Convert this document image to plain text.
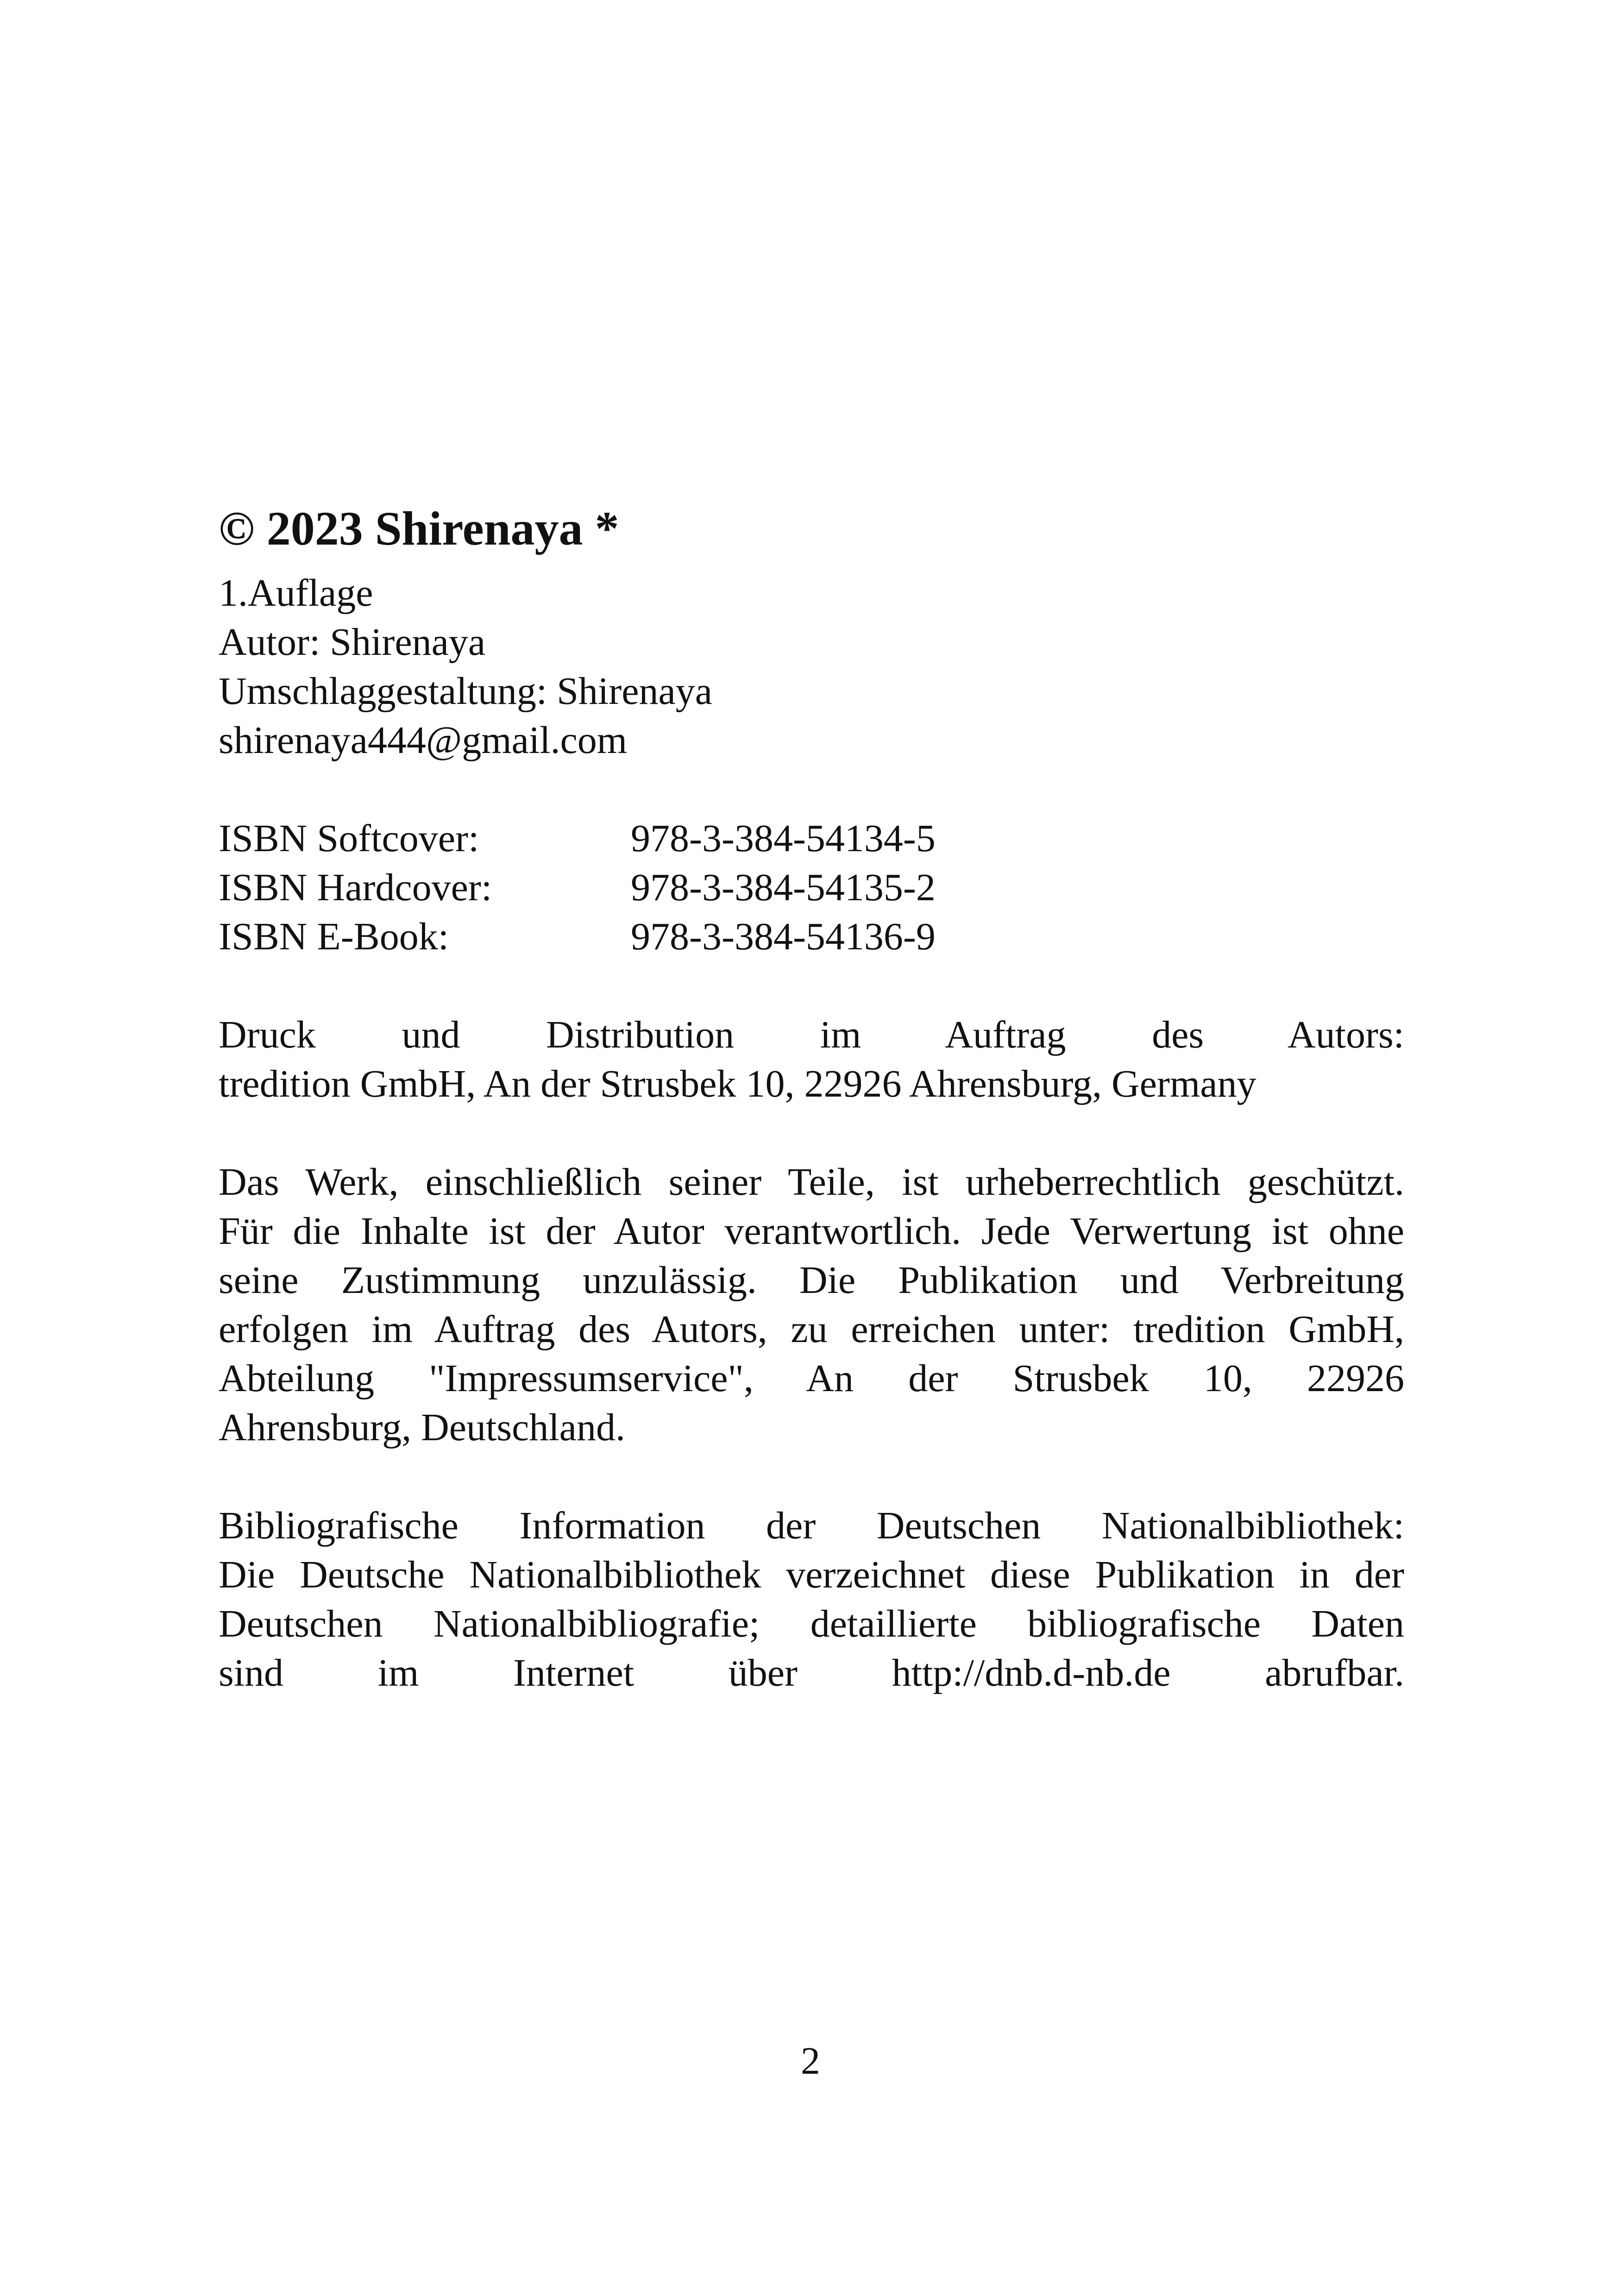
© 2023 Shirenaya *
1.Auflage
Autor: Shirenaya
Umschlaggestaltung: Shirenaya
shirenaya444@gmail.com
ISBN Softcover:	978-3-384-54134-5
ISBN Hardcover:	978-3-384-54135-2
ISBN E-Book:	978-3-384-54136-9
Druck und Distribution im Auftrag des Autors:
tredition GmbH, An der Strusbek 10, 22926 Ahrensburg, Germany
Das Werk, einschließlich seiner Teile, ist urheberrechtlich geschützt.
Für die Inhalte ist der Autor verantwortlich. Jede Verwertung ist ohne
seine Zustimmung unzulässig. Die Publikation und Verbreitung
erfolgen im Auftrag des Autors, zu erreichen unter: tredition GmbH,
Abteilung "Impressumservice", An der Strusbek 10, 22926
Ahrensburg, Deutschland.
Bibliografische Information der Deutschen Nationalbibliothek:
Die Deutsche Nationalbibliothek verzeichnet diese Publikation in der
Deutschen Nationalbibliografie; detaillierte bibliografische Daten
sind im Internet über http://dnb.d-nb.de abrufbar.
2
